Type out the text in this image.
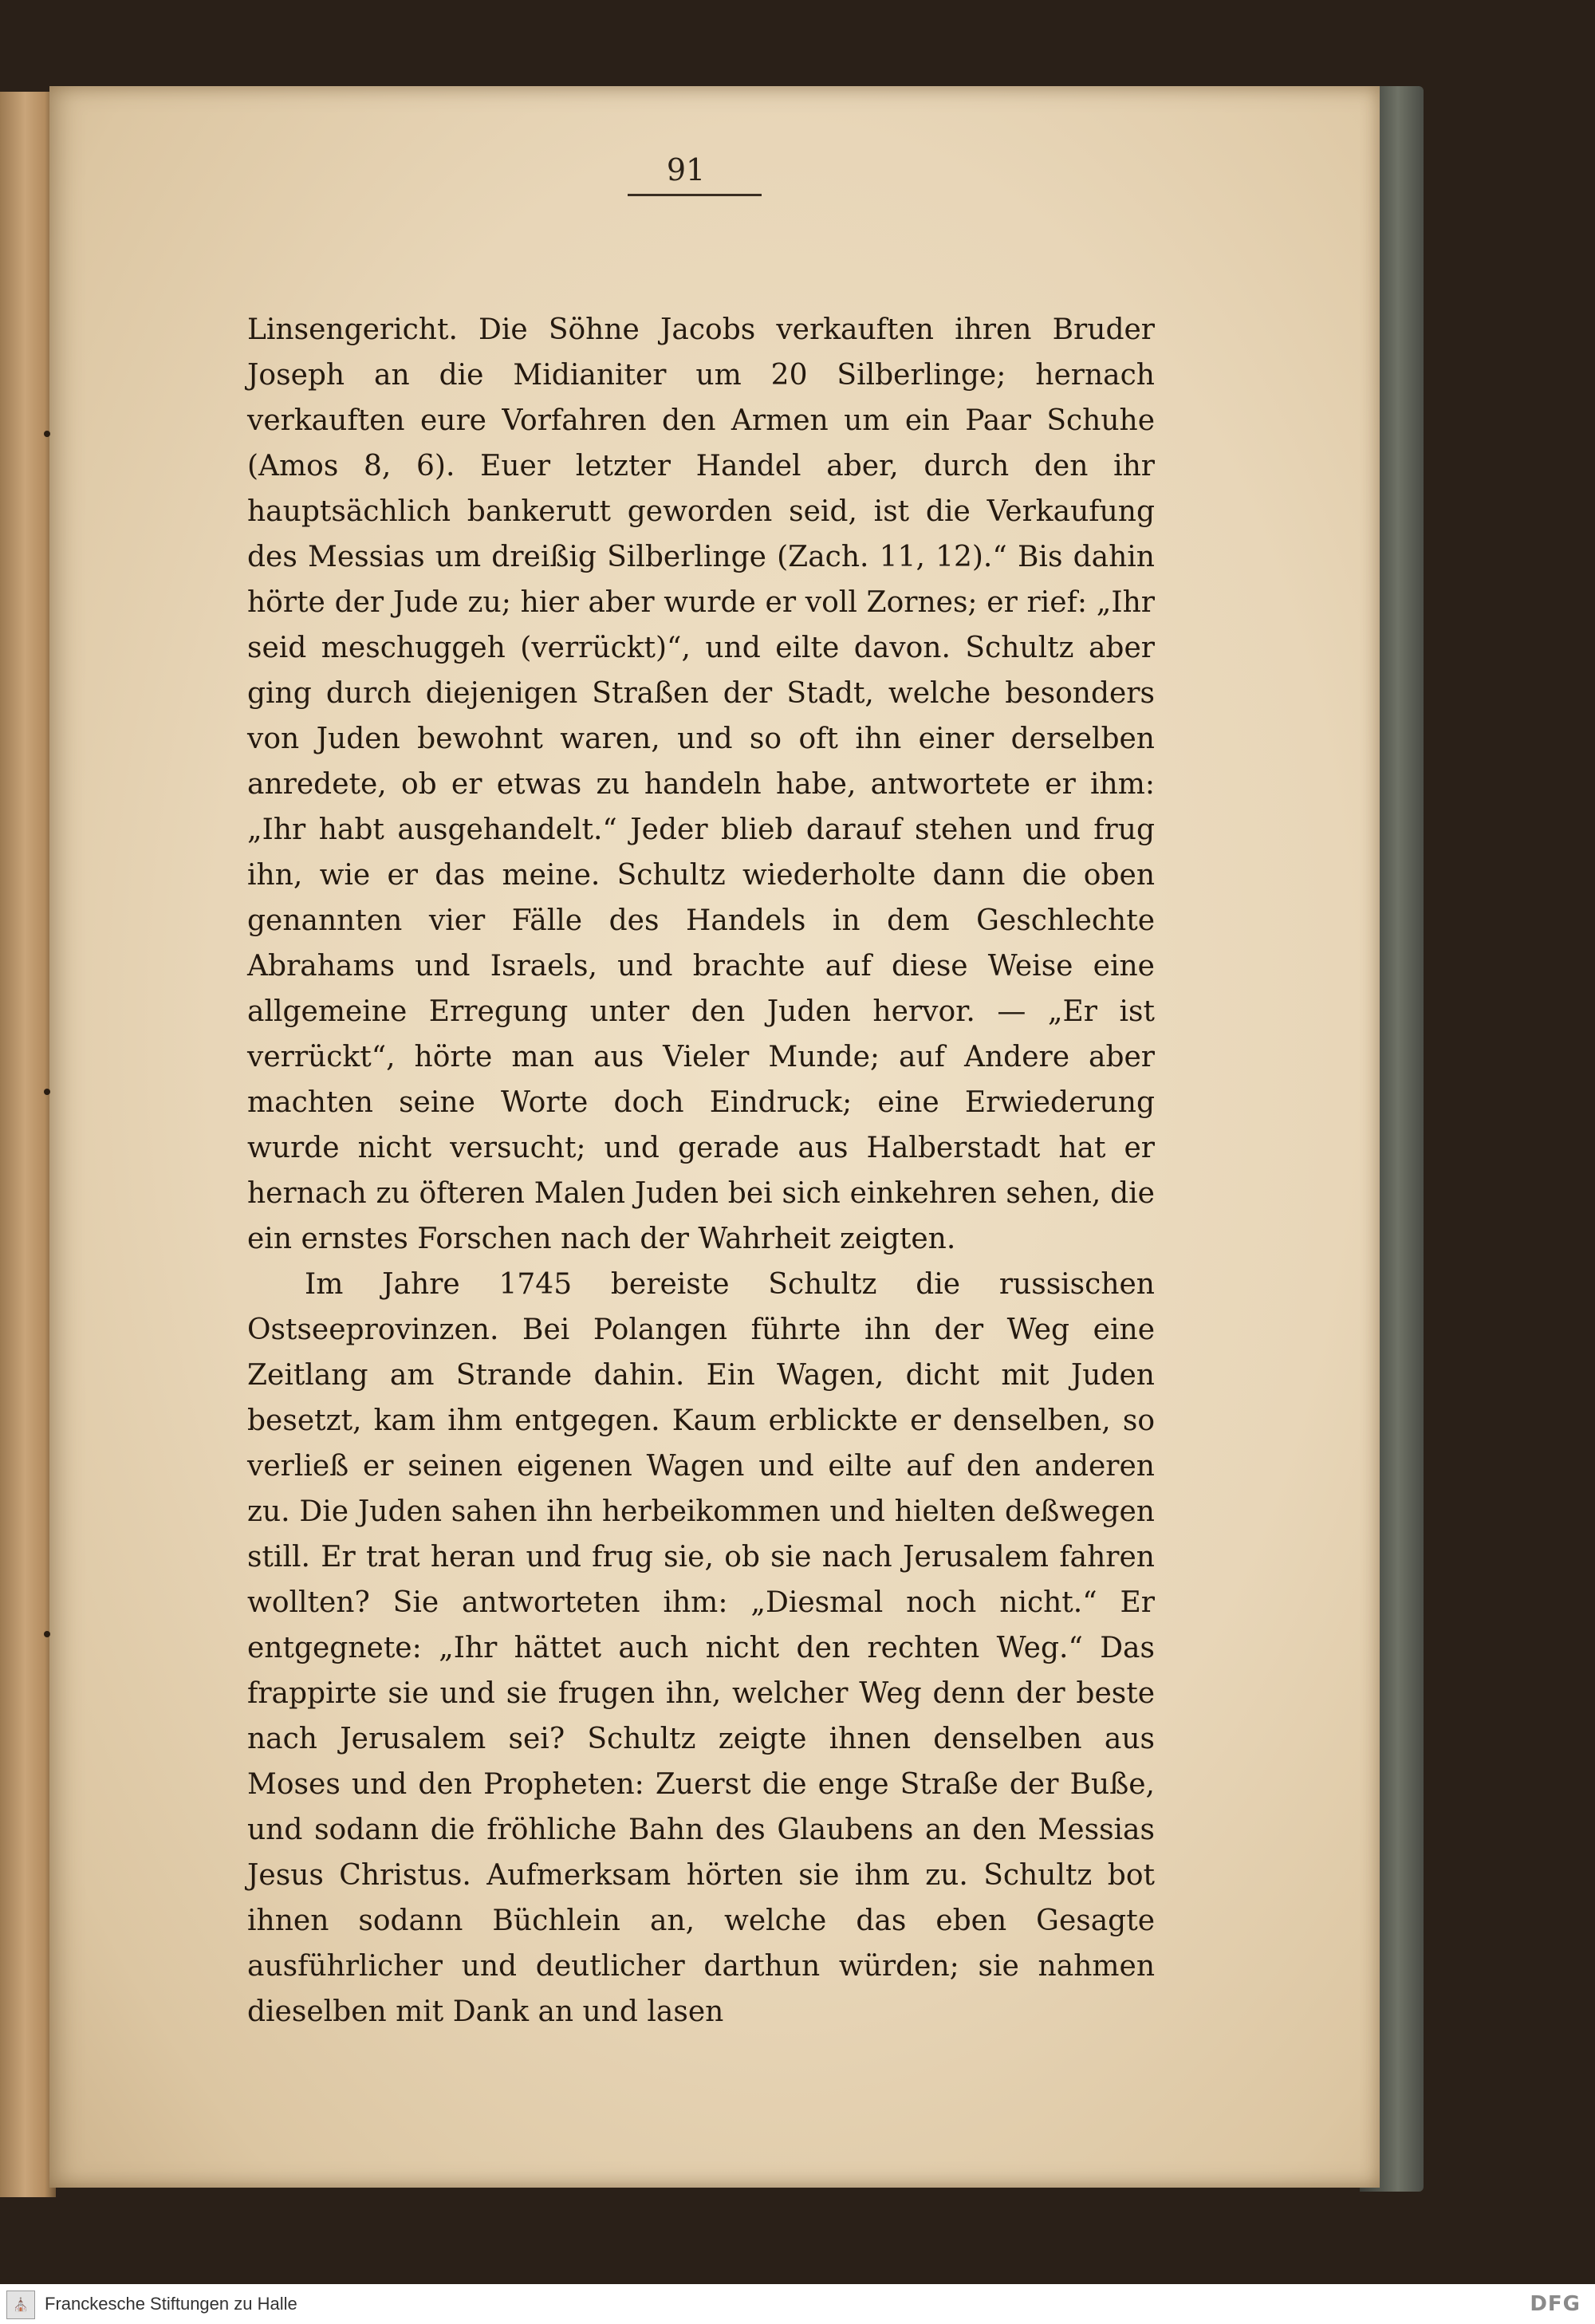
91

Linsengericht. Die Söhne Jacobs verkauften ihren Bruder Joseph an die Midianiter um 20 Silberlinge; hernach verkauften eure Vorfahren den Armen um ein Paar Schuhe (Amos 8, 6). Euer letzter Handel aber, durch den ihr hauptsächlich bankerutt geworden seid, ist die Verkaufung des Messias um dreißig Silberlinge (Zach. 11, 12).“ Bis dahin hörte der Jude zu; hier aber wurde er voll Zornes; er rief: „Ihr seid meschuggeh (verrückt)“, und eilte davon. Schultz aber ging durch diejenigen Straßen der Stadt, welche besonders von Juden bewohnt waren, und so oft ihn einer derselben anredete, ob er etwas zu handeln habe, antwortete er ihm: „Ihr habt ausgehandelt.“ Jeder blieb darauf stehen und frug ihn, wie er das meine. Schultz wiederholte dann die oben genannten vier Fälle des Handels in dem Geschlechte Abrahams und Israels, und brachte auf diese Weise eine allgemeine Erregung unter den Juden hervor. — „Er ist verrückt“, hörte man aus Vieler Munde; auf Andere aber machten seine Worte doch Eindruck; eine Erwiederung wurde nicht versucht; und gerade aus Halberstadt hat er hernach zu öfteren Malen Juden bei sich einkehren sehen, die ein ernstes Forschen nach der Wahrheit zeigten.

Im Jahre 1745 bereiste Schultz die russischen Ostseeprovinzen. Bei Polangen führte ihn der Weg eine Zeitlang am Strande dahin. Ein Wagen, dicht mit Juden besetzt, kam ihm entgegen. Kaum erblickte er denselben, so verließ er seinen eigenen Wagen und eilte auf den anderen zu. Die Juden sahen ihn herbeikommen und hielten deßwegen still. Er trat heran und frug sie, ob sie nach Jerusalem fahren wollten? Sie antworteten ihm: „Diesmal noch nicht.“ Er entgegnete: „Ihr hättet auch nicht den rechten Weg.“ Das frappirte sie und sie frugen ihn, welcher Weg denn der beste nach Jerusalem sei? Schultz zeigte ihnen denselben aus Moses und den Propheten: Zuerst die enge Straße der Buße, und sodann die fröhliche Bahn des Glaubens an den Messias Jesus Christus. Aufmerksam hörten sie ihm zu. Schultz bot ihnen sodann Büchlein an, welche das eben Gesagte ausführlicher und deutlicher darthun würden; sie nahmen dieselben mit Dank an und lasen

⛪ Franckesche Stiftungen zu Halle	DFG
